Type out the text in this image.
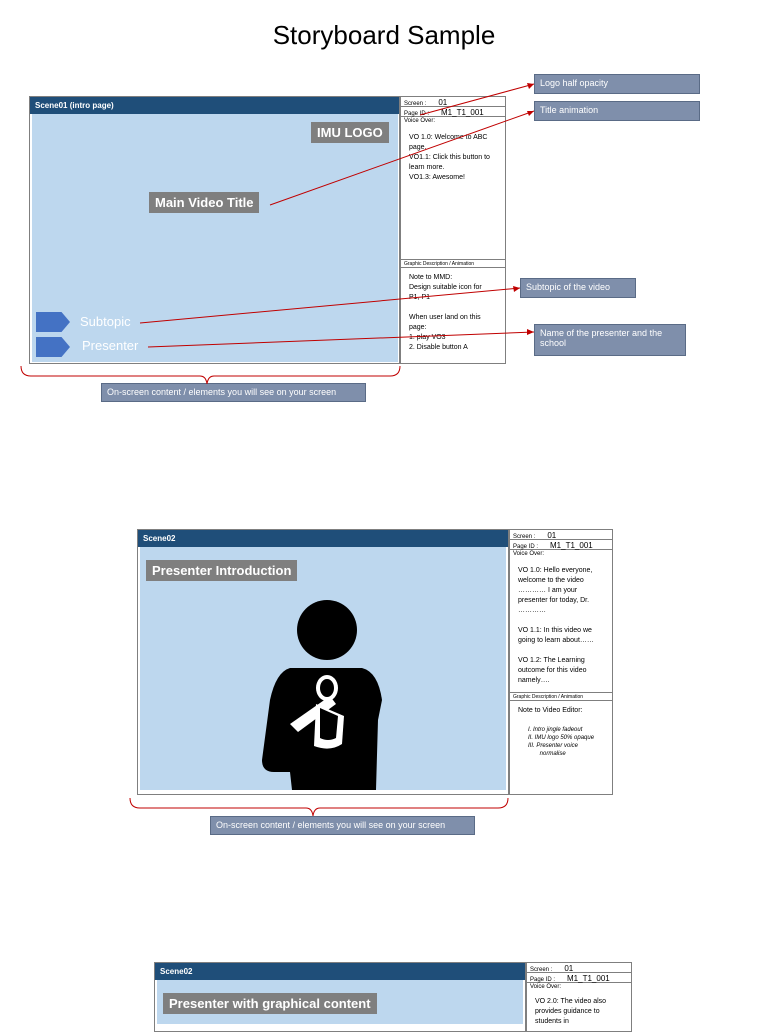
Storyboard Sample
Scene01 (intro page)
IMU LOGO
Main Video Title
Subtopic
Presenter
Screen : 01
Page ID : M1_T1_001
Voice Over:
VO 1.0: Welcome to ABC
page.
VO1.1: Click this button to
learn more.
VO1.3: Awesome!
Graphic Description / Animation
Note to MMD:
Design suitable icon for
P1, P1
When user land on this
page:
1. play VO3
2. Disable button A
Logo half opacity
Title animation
Subtopic of the video
Name of the presenter and the school
On-screen content / elements you will see on your screen
Scene02
Presenter Introduction
Screen : 01
Page ID : M1_T1_001
Voice Over:
VO 1.0: Hello everyone,
welcome to the video
………… I am your
presenter for today, Dr.
…………
VO 1.1: In this video we
going to learn about……
VO 1.2: The Learning
outcome for this video
namely….
Graphic Description / Animation
Note to Video Editor:
I. Intro jingle fadeout
II. IMU logo 50% opaque
III. Presenter voice
normalise
On-screen content / elements you will see on your screen
Scene02
Presenter with graphical content
Screen : 01
Page ID : M1_T1_001
Voice Over:
VO 2.0: The video also
provides guidance to
students in
